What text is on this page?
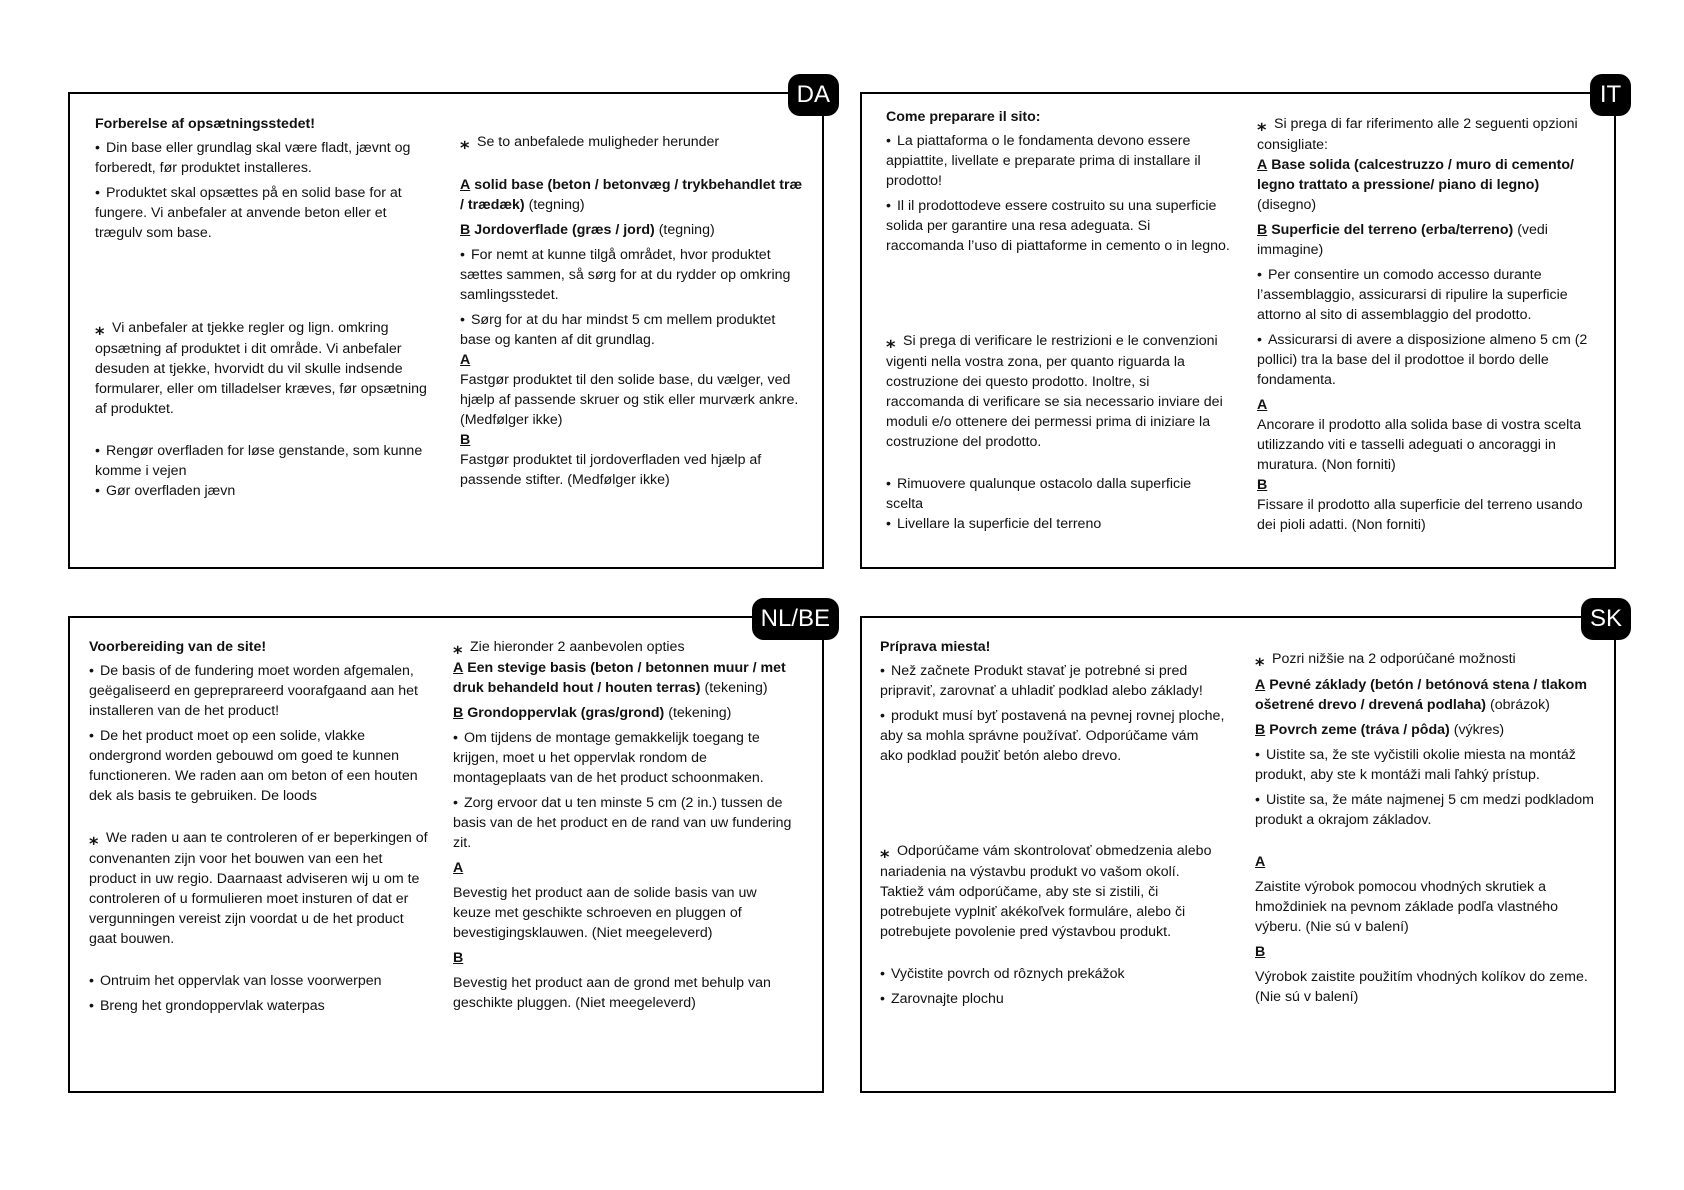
DA

Forberelse af opsætningsstedet!

• Din base eller grundlag skal være fladt, jævnt og forberedt, før produktet installeres.

• Produktet skal opsættes på en solid base for at fungere. Vi anbefaler at anvende beton eller et trægulv som base.

⁎ Vi anbefaler at tjekke regler og lign. omkring opsætning af produktet i dit område. Vi anbefaler desuden at tjekke, hvorvidt du vil skulle indsende formularer, eller om tilladelser kræves, før opsætning af produktet.

• Rengør overfladen for løse genstande, som kunne komme i vejen

• Gør overfladen jævn

⁎ Se to anbefalede muligheder herunder

A solid base (beton / betonvæg / trykbehandlet træ / trædæk) (tegning)

B Jordoverflade (græs / jord) (tegning)

• For nemt at kunne tilgå området, hvor produktet sættes sammen, så sørg for at du rydder op omkring samlingsstedet.

• Sørg for at du har mindst 5 cm mellem produktet base og kanten af dit grundlag.

A

Fastgør produktet til den solide base, du vælger, ved hjælp af passende skruer og stik eller murværk ankre. (Medfølger ikke)

B

Fastgør produktet til jordoverfladen ved hjælp af passende stifter. (Medfølger ikke)

IT

Come preparare il sito:

• La piattaforma o le fondamenta devono essere appiattite, livellate e preparate prima di installare il prodotto!

• Il il prodottodeve essere costruito su una superficie solida per garantire una resa adeguata. Si raccomanda l’uso di piattaforme in cemento o in legno.

⁎ Si prega di verificare le restrizioni e le convenzioni vigenti nella vostra zona, per quanto riguarda la costruzione dei questo prodotto. Inoltre, si raccomanda di verificare se sia necessario inviare dei moduli e/o ottenere dei permessi prima di iniziare la costruzione del prodotto.

• Rimuovere qualunque ostacolo dalla superficie scelta

• Livellare la superficie del terreno

⁎ Si prega di far riferimento alle 2 seguenti opzioni consigliate:

A Base solida (calcestruzzo / muro di cemento/ legno trattato a pressione/ piano di legno) (disegno)

B Superficie del terreno (erba/terreno) (vedi immagine)

• Per consentire un comodo accesso durante l’assemblaggio, assicurarsi di ripulire la superficie attorno al sito di assemblaggio del prodotto.

• Assicurarsi di avere a disposizione almeno 5 cm (2 pollici) tra la base del il prodottoe il bordo delle fondamenta.

A

Ancorare il prodotto alla solida base di vostra scelta utilizzando viti e tasselli adeguati o ancoraggi in muratura. (Non forniti)

B

Fissare il prodotto alla superficie del terreno usando dei pioli adatti. (Non forniti)

NL/BE

Voorbereiding van de site!

• De basis of de fundering moet worden afgemalen, geëgaliseerd en gepreprareerd voorafgaand aan het installeren van de het product!

• De het product moet op een solide, vlakke ondergrond worden gebouwd om goed te kunnen functioneren. We raden aan om beton of een houten dek als basis te gebruiken. De loods

⁎ We raden u aan te controleren of er beperkingen of convenanten zijn voor het bouwen van een het product in uw regio. Daarnaast adviseren wij u om te controleren of u formulieren moet insturen of dat er vergunningen vereist zijn voordat u de het product gaat bouwen.

• Ontruim het oppervlak van losse voorwerpen

• Breng het grondoppervlak waterpas

⁎ Zie hieronder 2 aanbevolen opties

A Een stevige basis (beton / betonnen muur / met druk behandeld hout / houten terras) (tekening)

B Grondoppervlak (gras/grond) (tekening)

• Om tijdens de montage gemakkelijk toegang te krijgen, moet u het oppervlak rondom de montageplaats van de het product schoonmaken.

• Zorg ervoor dat u ten minste 5 cm (2 in.) tussen de basis van de het product en de rand van uw fundering zit.

A

Bevestig het product aan de solide basis van uw keuze met geschikte schroeven en pluggen of bevestigingsklauwen. (Niet meegeleverd)

B

Bevestig het product aan de grond met behulp van geschikte pluggen. (Niet meegeleverd)

SK

Príprava miesta!

• Než začnete Produkt stavať je potrebné si pred pripraviť, zarovnať a uhladiť podklad alebo základy!

• produkt musí byť postavená na pevnej rovnej ploche, aby sa mohla správne používať. Odporúčame vám ako podklad použiť betón alebo drevo.

⁎ Odporúčame vám skontrolovať obmedzenia alebo nariadenia na výstavbu produkt vo vašom okolí. Taktiež vám odporúčame, aby ste si zistili, či potrebujete vyplniť akékoľvek formuláre, alebo či potrebujete povolenie pred výstavbou produkt.

• Vyčistite povrch od rôznych prekážok

• Zarovnajte plochu

⁎ Pozri nižšie na 2 odporúčané možnosti

A Pevné základy (betón / betónová stena / tlakom ošetrené drevo / drevená podlaha) (obrázok)

B Povrch zeme (tráva / pôda) (výkres)

• Uistite sa, že ste vyčistili okolie miesta na montáž produkt, aby ste k montáži mali ľahký prístup.

• Uistite sa, že máte najmenej 5 cm medzi podkladom produkt a okrajom základov.

A

Zaistite výrobok pomocou vhodných skrutiek a hmoždiniek na pevnom základe podľa vlastného výberu. (Nie sú v balení)

B

Výrobok zaistite použitím vhodných kolíkov do zeme. (Nie sú v balení)
